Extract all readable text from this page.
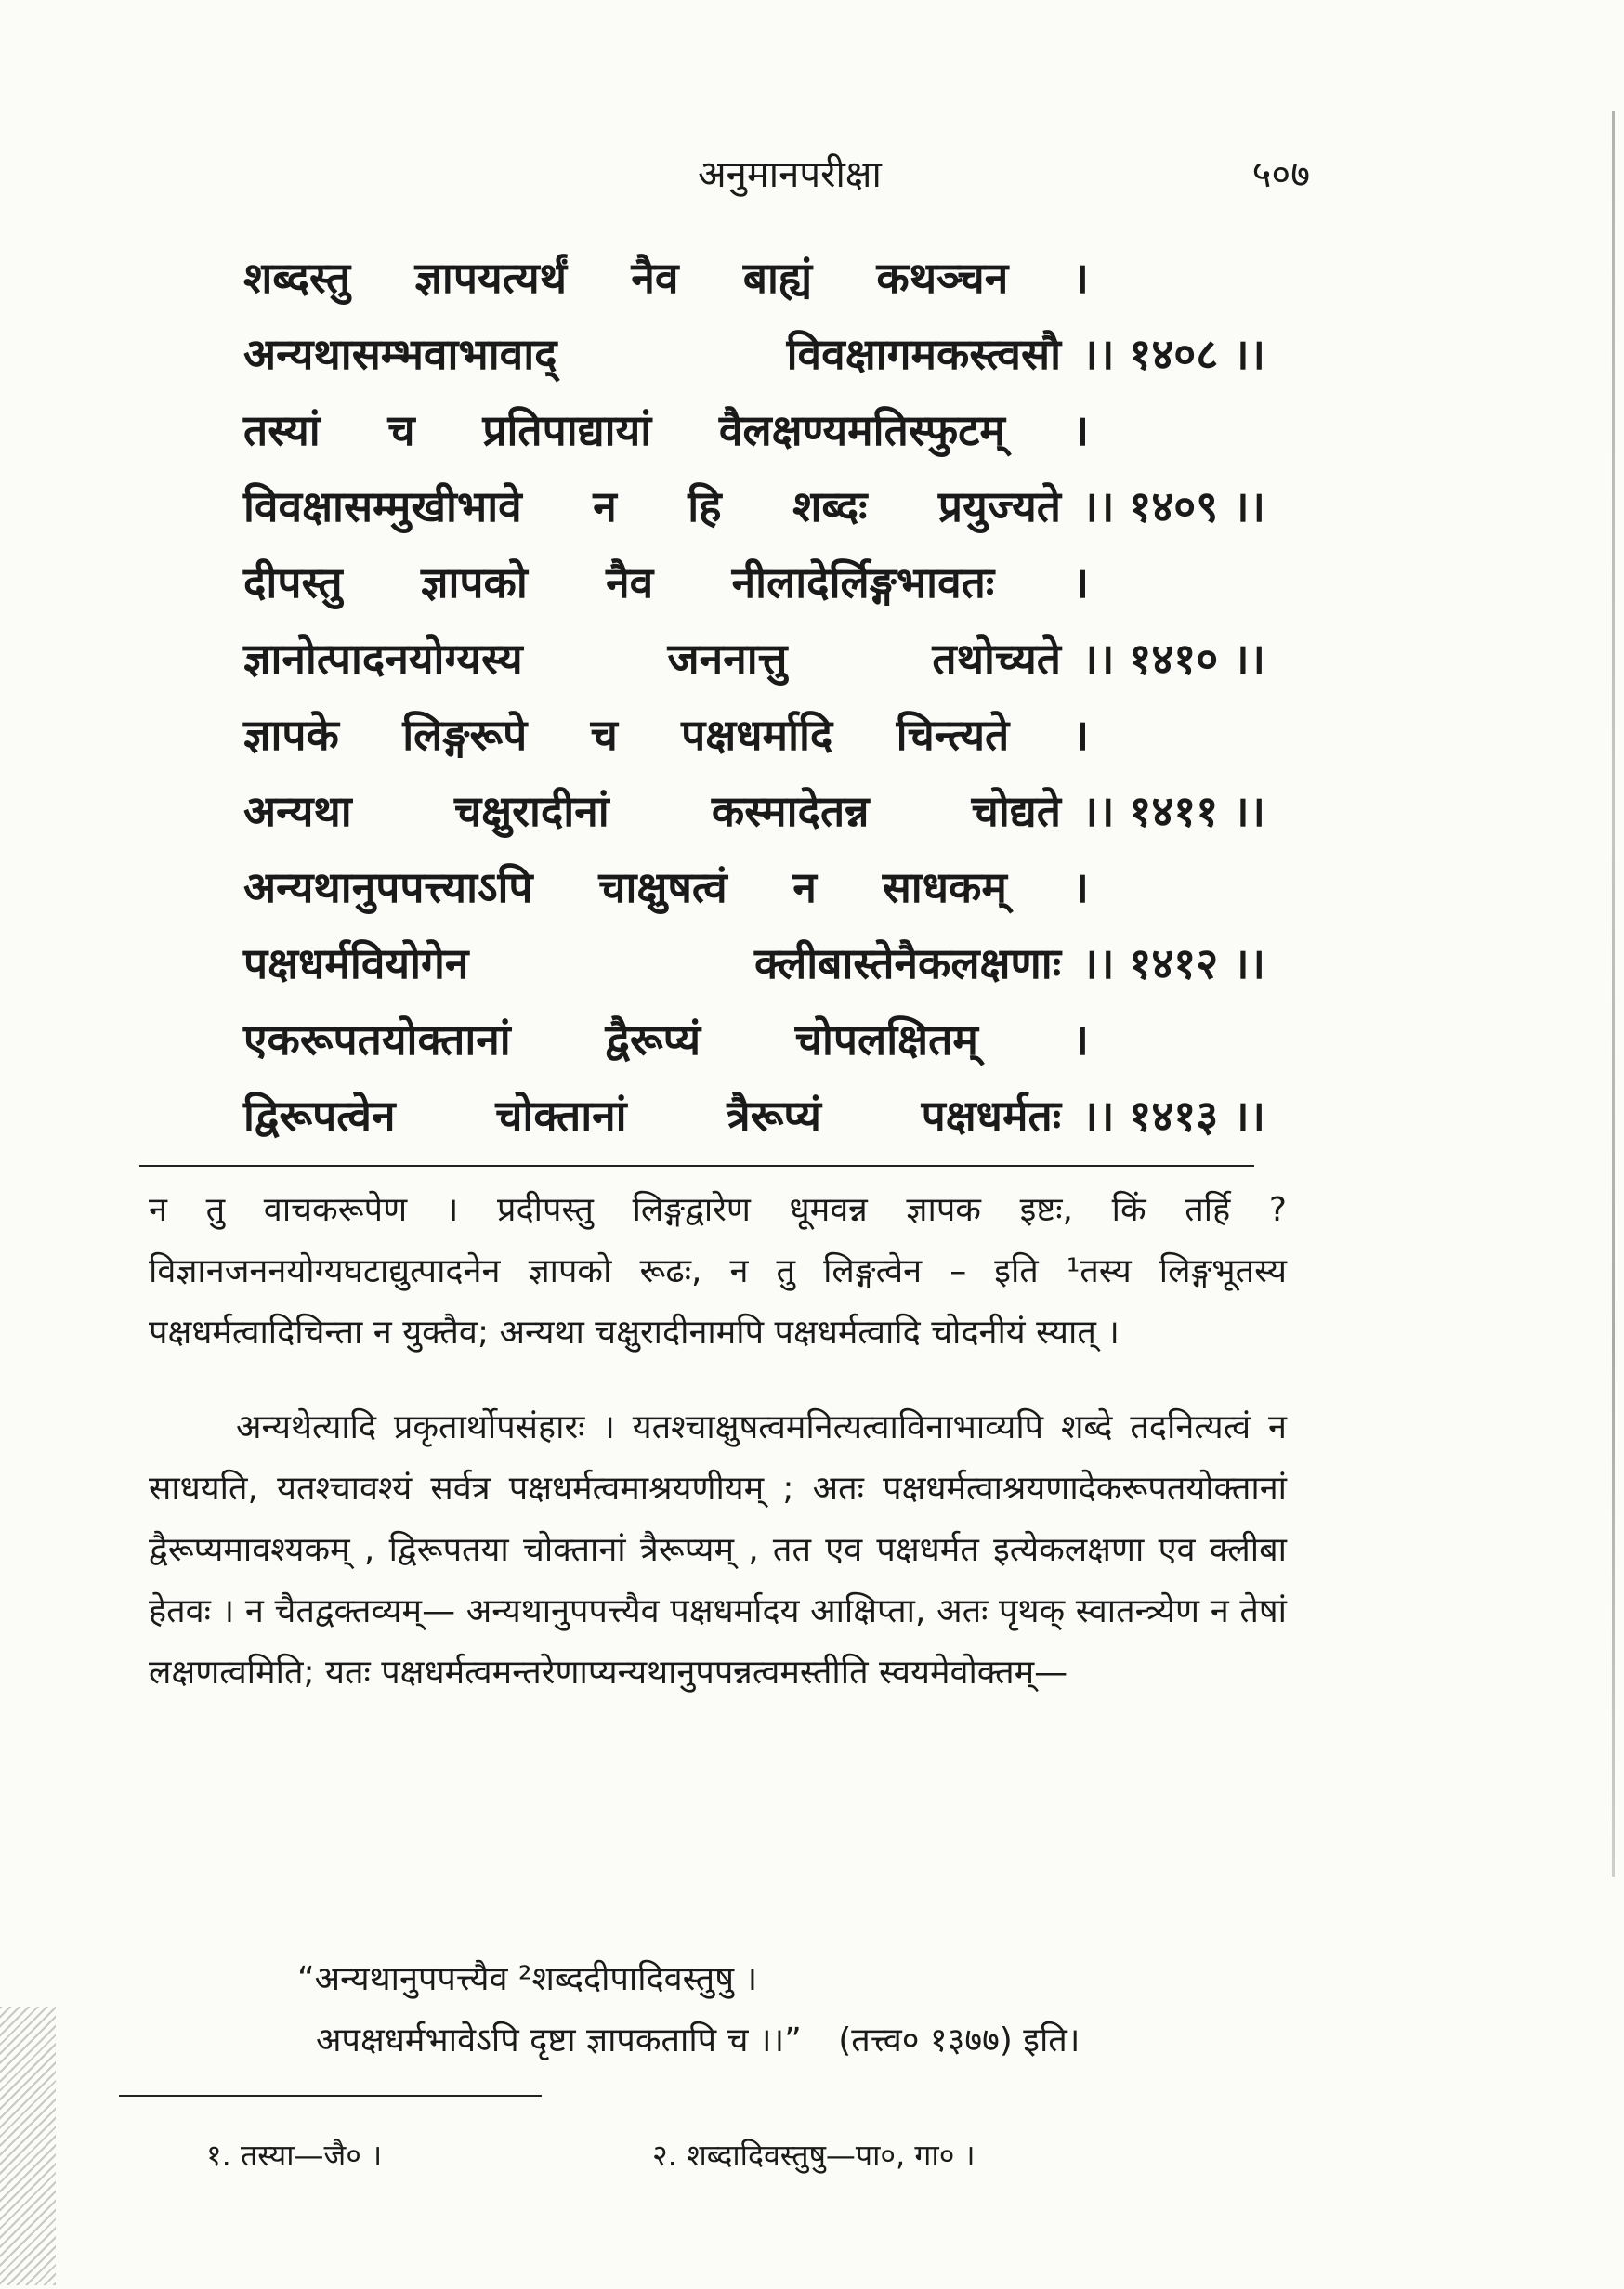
अनुमानपरीक्षा	५०७
शब्दस्तु ज्ञापयत्यर्थं नैव बाह्यं कथञ्चन ।
अन्यथासम्भवाभावाद् विवक्षागमकस्त्वसौ ।। १४०८ ।।
तस्यां च प्रतिपाद्यायां वैलक्षण्यमतिस्फुटम् ।
विवक्षासम्मुखीभावे न हि शब्दः प्रयुज्यते ।। १४०९ ।।
दीपस्तु ज्ञापको नैव नीलादेर्लिङ्गभावतः ।
ज्ञानोत्पादनयोग्यस्य जननात्तु तथोच्यते ।। १४१० ।।
ज्ञापके लिङ्गरूपे च पक्षधर्मादि चिन्त्यते ।
अन्यथा चक्षुरादीनां कस्मादेतन्न चोद्यते ।। १४११ ।।
अन्यथानुपपत्त्याऽपि चाक्षुषत्वं न साधकम् ।
पक्षधर्मवियोगेन क्लीबास्तेनैकलक्षणाः ।। १४१२ ।।
एकरूपतयोक्तानां द्वैरूप्यं चोपलक्षितम् ।
द्विरूपत्वेन चोक्तानां त्रैरूप्यं पक्षधर्मतः ।। १४१३ ।।

न तु वाचकरूपेण । प्रदीपस्तु लिङ्गद्वारेण धूमवन्न ज्ञापक इष्टः, किं तर्हि ? विज्ञानजननयोग्यघटाद्युत्पादनेन ज्ञापको रूढः, न तु लिङ्गत्वेन – इति ¹तस्य लिङ्गभूतस्य पक्षधर्मत्वादिचिन्ता न युक्तैव; अन्यथा चक्षुरादीनामपि पक्षधर्मत्वादि चोदनीयं स्यात् ।

अन्यथेत्यादि प्रकृतार्थोपसंहारः । यतश्चाक्षुषत्वमनित्यत्वाविनाभाव्यपि शब्दे तदनित्यत्वं न साधयति, यतश्चावश्यं सर्वत्र पक्षधर्मत्वमाश्रयणीयम् ; अतः पक्षधर्मत्वाश्रयणादेकरूपतयोक्तानां द्वैरूप्यमावश्यकम् , द्विरूपतया चोक्तानां त्रैरूप्यम् , तत एव पक्षधर्मत इत्येकलक्षणा एव क्लीबा हेतवः । न चैतद्वक्तव्यम्— अन्यथानुपपत्त्यैव पक्षधर्मादय आक्षिप्ता, अतः पृथक् स्वातन्त्र्येण न तेषां लक्षणत्वमिति; यतः पक्षधर्मत्वमन्तरेणाप्यन्यथानुपपन्नत्वमस्तीति स्वयमेवोक्तम्—

“अन्यथानुपपत्त्यैव ²शब्ददीपादिवस्तुषु ।
अपक्षधर्मभावेऽपि दृष्टा ज्ञापकतापि च ।।” (तत्त्व० १३७७) इति।
१. तस्या—जै० ।	२. शब्दादिवस्तुषु—पा०, गा० ।
